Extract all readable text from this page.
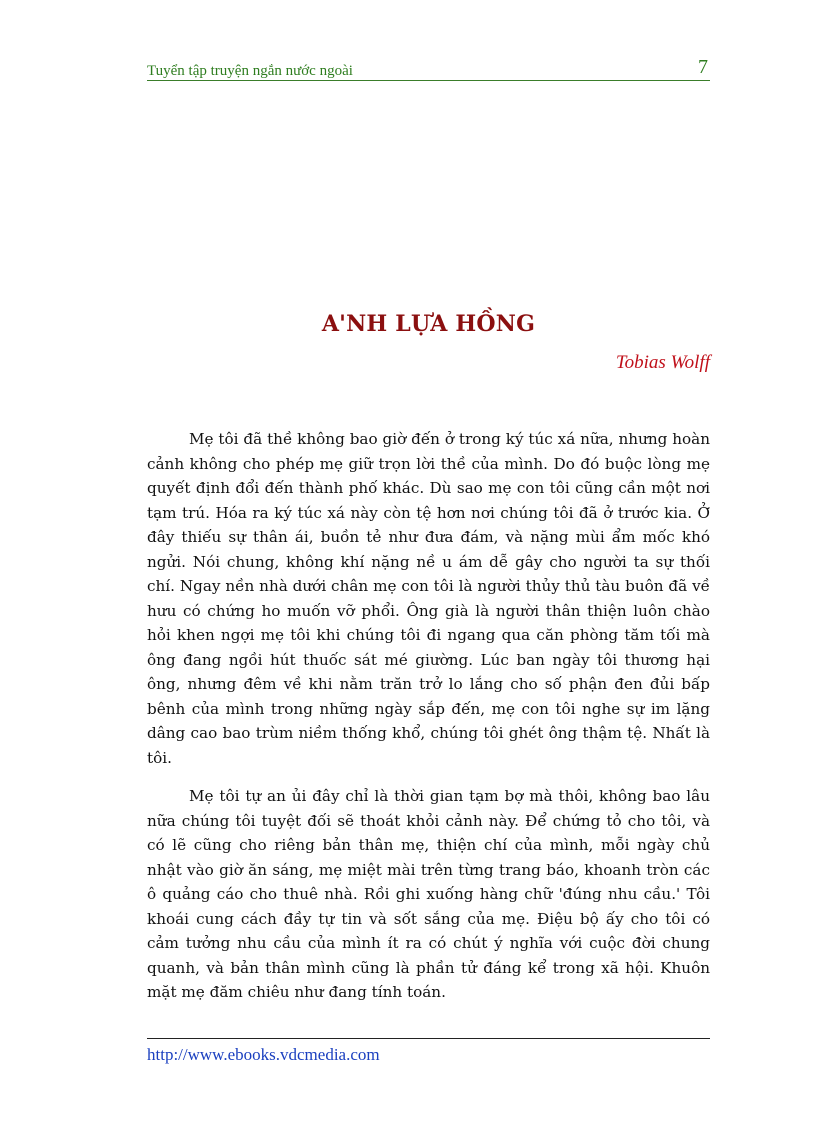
Tuyển tập truyện ngắn nước ngoài	7
A'NH LỰA HỒNG
Tobias Wolff

Mẹ tôi đã thề không bao giờ đến ở trong ký túc xá nữa, nhưng hoàn cảnh không cho phép mẹ giữ trọn lời thề của mình. Do đó buộc lòng mẹ quyết định đổi đến thành phố khác. Dù sao mẹ con tôi cũng cần một nơi tạm trú. Hóa ra ký túc xá này còn tệ hơn nơi chúng tôi đã ở trước kia. Ở đây thiếu sự thân ái, buồn tẻ như đưa đám, và nặng mùi ẩm mốc khó ngửi. Nói chung, không khí nặng nề u ám dễ gây cho người ta sự thối chí. Ngay nền nhà dưới chân mẹ con tôi là người thủy thủ tàu buôn đã về hưu có chứng ho muốn vỡ phổi. Ông già là người thân thiện luôn chào hỏi khen ngợi mẹ tôi khi chúng tôi đi ngang qua căn phòng tăm tối mà ông đang ngồi hút thuốc sát mé giường. Lúc ban ngày tôi thương hại ông, nhưng đêm về khi nằm trăn trở lo lắng cho số phận đen đủi bấp bênh của mình trong những ngày sắp đến, mẹ con tôi nghe sự im lặng dâng cao bao trùm niềm thống khổ, chúng tôi ghét ông thậm tệ. Nhất là tôi.

Mẹ tôi tự an ủi đây chỉ là thời gian tạm bợ mà thôi, không bao lâu nữa chúng tôi tuyệt đối sẽ thoát khỏi cảnh này. Để chứng tỏ cho tôi, và có lẽ cũng cho riêng bản thân mẹ, thiện chí của mình, mỗi ngày chủ nhật vào giờ ăn sáng, mẹ miệt mài trên từng trang báo, khoanh tròn các ô quảng cáo cho thuê nhà. Rồi ghi xuống hàng chữ 'đúng nhu cầu.' Tôi khoái cung cách đầy tự tin và sốt sắng của mẹ. Điệu bộ ấy cho tôi có cảm tưởng nhu cầu của mình ít ra có chút ý nghĩa với cuộc đời chung quanh, và bản thân mình cũng là phần tử đáng kể trong xã hội. Khuôn mặt mẹ đăm chiêu như đang tính toán.

http://www.ebooks.vdcmedia.com
